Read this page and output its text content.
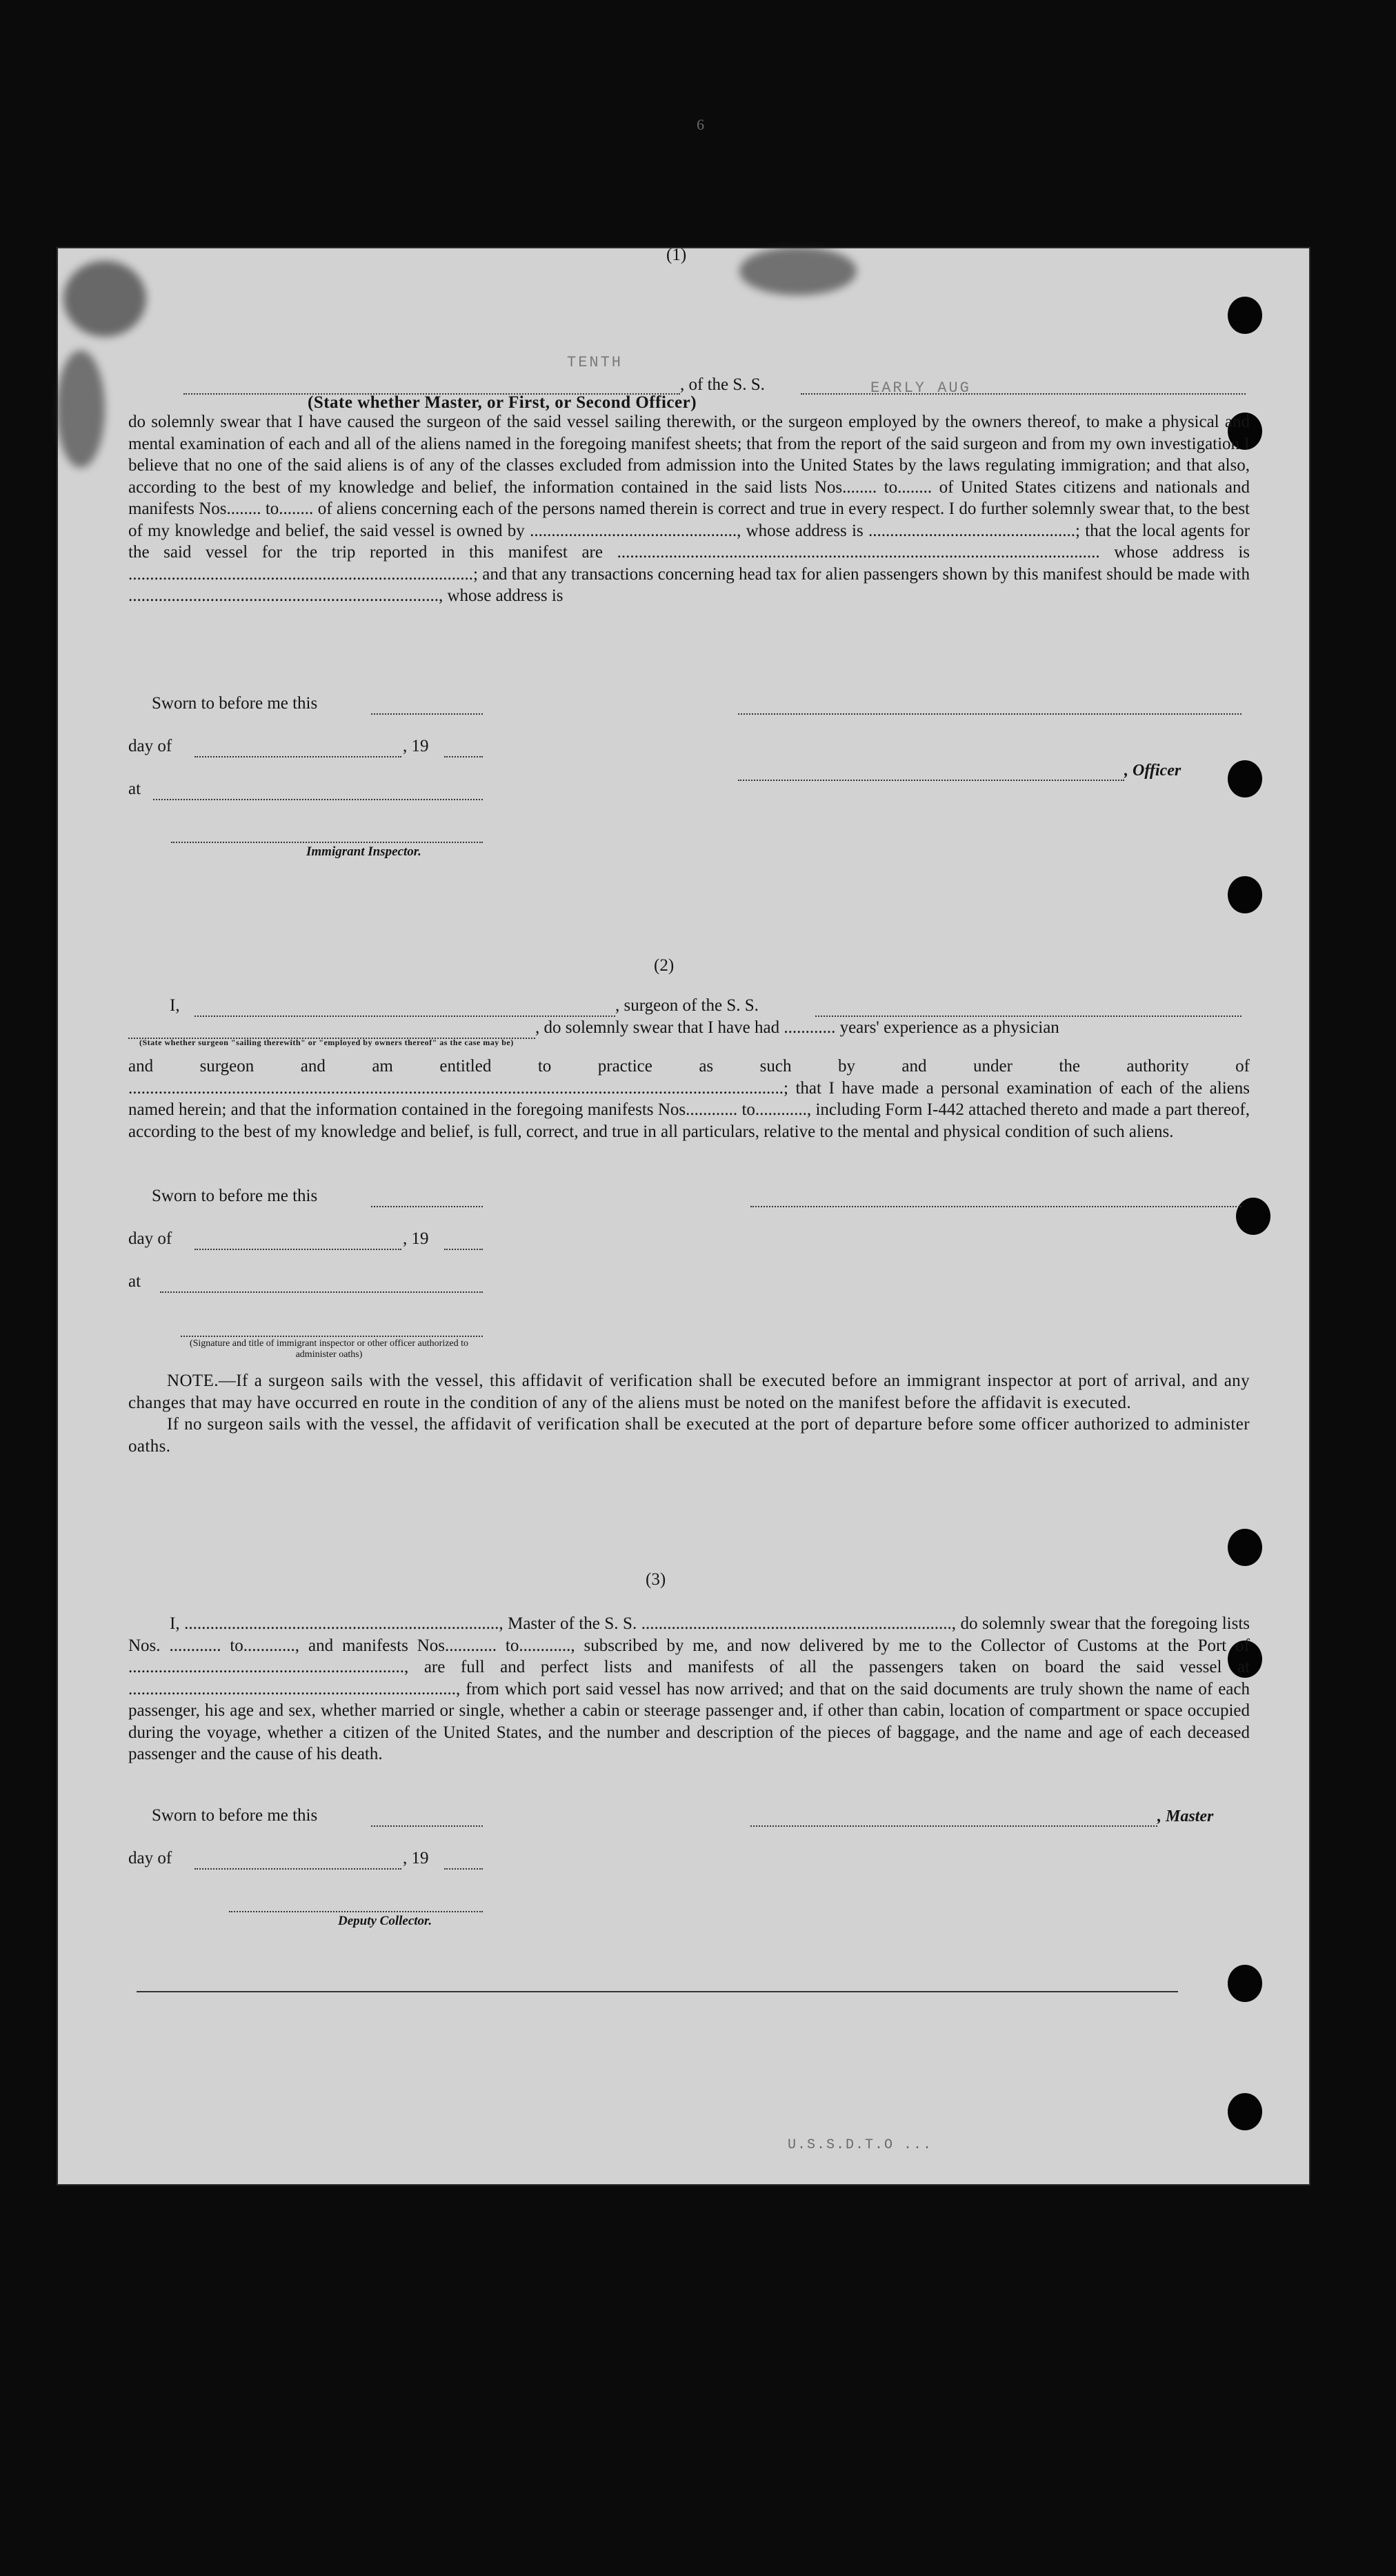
6
TENTH
EARLY AUG
(1)
, of the S. S.
(State whether Master, or First, or Second Officer)

do solemnly swear that I have caused the surgeon of the said vessel sailing therewith, or the surgeon employed by the owners thereof, to make a physical and mental examination of each and all of the aliens named in the foregoing manifest sheets; that from the report of the said surgeon and from my own investigation I believe that no one of the said aliens is of any of the classes excluded from admission into the United States by the laws regulating immigration; and that also, according to the best of my knowledge and belief, the information contained in the said lists Nos........ to........ of United States citizens and nationals and manifests Nos........ to........ of aliens concerning each of the persons named therein is correct and true in every respect. I do further solemnly swear that, to the best of my knowledge and belief, the said vessel is owned by ................................................, whose address is ................................................; that the local agents for the said vessel for the trip reported in this manifest are ................................................................................................................ whose address is ................................................................................; and that any transactions concerning head tax for alien passengers shown by this manifest should be made with ........................................................................, whose address is

Sworn to before me this
day of	, 19
, Officer
at
Immigrant Inspector.
(2)
I,	, surgeon of the S. S.
, do solemnly swear that I have had ............ years' experience as a physician
(State whether surgeon "sailing therewith" or "employed by owners thereof" as the case may be)

and surgeon and am entitled to practice as such by and under the authority of ........................................................................................................................................................; that I have made a personal examination of each of the aliens named herein; and that the information contained in the foregoing manifests Nos............ to............, including Form I-442 attached thereto and made a part thereof, according to the best of my knowledge and belief, is full, correct, and true in all particulars, relative to the mental and physical condition of such aliens.

Sworn to before me this
day of	, 19
at
(Signature and title of immigrant inspector or other officer authorized to administer oaths)

NOTE.—If a surgeon sails with the vessel, this affidavit of verification shall be executed before an immigrant inspector at port of arrival, and any changes that may have occurred en route in the condition of any of the aliens must be noted on the manifest before the affidavit is executed.

If no surgeon sails with the vessel, the affidavit of verification shall be executed at the port of departure before some officer authorized to administer oaths.

(3)

I, ........................................................................., Master of the S. S. ........................................................................, do solemnly swear that the foregoing lists Nos. ............ to............, and manifests Nos............ to............, subscribed by me, and now delivered by me to the Collector of Customs at the Port of ................................................................, are full and perfect lists and manifests of all the passengers taken on board the said vessel at ............................................................................, from which port said vessel has now arrived; and that on the said documents are truly shown the name of each passenger, his age and sex, whether married or single, whether a cabin or steerage passenger and, if other than cabin, location of compartment or space occupied during the voyage, whether a citizen of the United States, and the number and description of the pieces of baggage, and the name and age of each deceased passenger and the cause of his death.

Sworn to before me this	, Master
day of	, 19
Deputy Collector.
U.S.S.D.T.O ...
